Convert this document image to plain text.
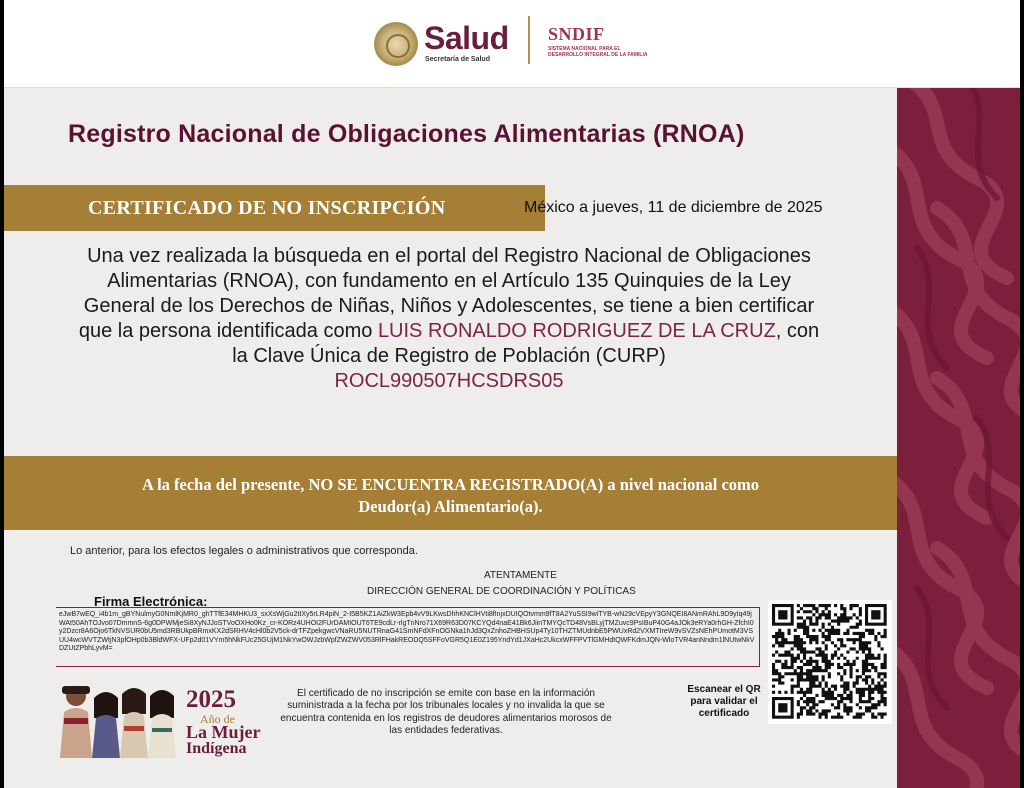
Salud
Secretaría de Salud
SNDIF
SISTEMA NACIONAL PARA EL DESARROLLO INTEGRAL DE LA FAMILIA
Registro Nacional de Obligaciones Alimentarias (RNOA)
CERTIFICADO DE NO INSCRIPCIÓN	México a jueves, 11 de diciembre de 2025
Una vez realizada la búsqueda en el portal del Registro Nacional de Obligaciones Alimentarias (RNOA), con fundamento en el Artículo 135 Quinquies de la Ley General de los Derechos de Niñas, Niños y Adolescentes, se tiene a bien certificar que la persona identificada como LUIS RONALDO RODRIGUEZ DE LA CRUZ, con la Clave Única de Registro de Población (CURP)
ROCL990507HCSDRS05
A la fecha del presente, NO SE ENCUENTRA REGISTRADO(A) a nivel nacional como
Deudor(a) Alimentario(a).
Lo anterior, para los efectos legales o administrativos que corresponda.
ATENTAMENTE
DIRECCIÓN GENERAL DE COORDINACIÓN Y POLÍTICAS
Firma Electrónica:
eJwB7wEQ_i4b1m_gBYNulmyG0NmlKjMR0_ghTTfE34MHKU3_sxXsWjGu2tIXy5rLR4piN_2-I5B5KZ1AiZkW3Epb4vV9LKwsDhhKNClHVti8fInjxDUIQOtvmm9fT8A2YuSSI9wiTYB-wN29cVEpyY3GNQEI8ANmRAhL9D9yIq49jWAt50AhTOJvo07DmmnS-6g0DPWMjeSi8XyNJJoSTVoOXHo0Kz_cr-KORz4UHOI2FUrDAMIOUT6TE9cdLr-rlgTnNro71X69R63D07KCYQd4naE41Bk6JiinTMYQcTD48VsBLyjTMZuvc9PsIBuP40G4aJOk3eRYa0rhGH-ZfchI0y2Dzcr8A6Ojo6TkNVSUR0bU5md3RBUkpBRmxKX2dSRHV4cHl0b2V5ck-drTFZpekgwcVNaRU5NUTRnaG41SmNFdXFnOGNka1hJd3QxZnhoZHBHSUp4Ty10THZTMUdnbE5PWUxRd2VXMTIreW9vSVZsNEhPUmotM3VSUU4wcWVTZWtjN3pfOHp0b3BldWFX-UFp2d01VYm5hNkFUc25GUjM1NkYwOWJzbWpfZWZWV053RlFHakREODQ5SFFoVGR5Q1E0Z195YndYd1JXaHc2UkcxWFFPVTlGMHdtQWFKdmJQN-WloTVR4anNndm1lNUtwNkVDZUtZPbhLyvM=
Escanear el QR para validar el certificado
2025
Año de
La Mujer
Indígena
El certificado de no inscripción se emite con base en la información suministrada a la fecha por los tribunales locales y no invalida la que se encuentra contenida en los registros de deudores alimentarios morosos de las entidades federativas.
